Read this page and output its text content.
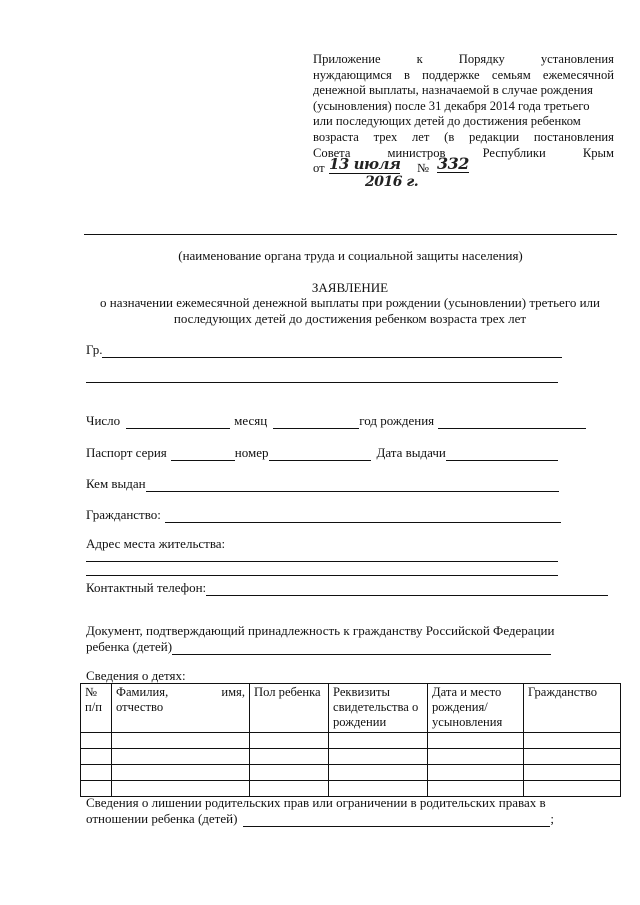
Приложение	к	Порядку	установления
нуждающимся в поддержке семьям ежемесячной
денежной выплаты, назначаемой в случае рождения
(усыновления) после 31 декабря 2014 года третьего
или последующих детей до достижения ребенком
возраста трех лет (в редакции постановления
Совета	министров	Республики	Крым
от 13 июля № 332
2016 г.
(наименование органа труда и социальной защиты населения)
ЗАЯВЛЕНИЕ
о назначении ежемесячной денежной выплаты при рождении (усыновлении) третьего или
последующих детей до достижения ребенком возраста трех лет
Гр.
Число	месяц	год рождения
Паспорт серия	номер	Дата выдачи
Кем выдан
Гражданство:
Адрес места жительства:
Контактный телефон:
Документ, подтверждающий принадлежность к гражданству Российской Федерации
ребенка (детей)
Сведения о детях:
№ п/п	Фамилия, имя, отчество	Пол ребенка	Реквизиты свидетельства о рождении	Дата и место рождения/ усыновления	Гражданство

Сведения о лишении родительских прав или ограничении в родительских правах в
отношении ребенка (детей)	;
